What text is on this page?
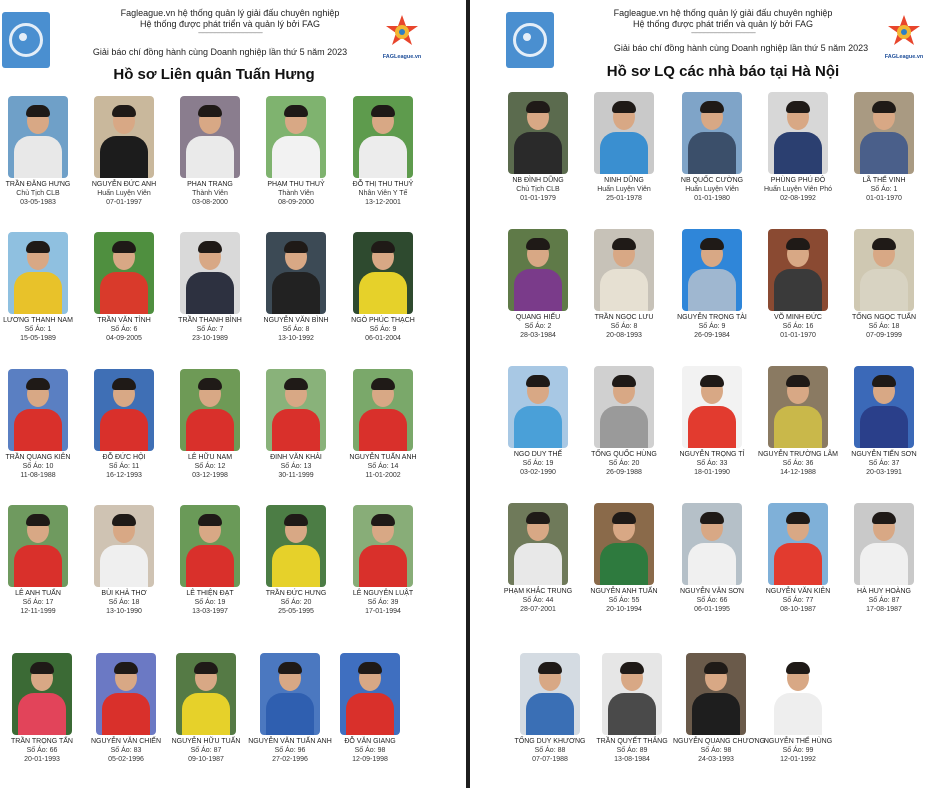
Fagleague.vn hệ thống quản lý giải đấu chuyên nghiệp
Hệ thống được phát triển và quản lý bởi FAG
------------------------------------------------
FAGLeague.vn
Giải báo chí đồng hành cùng Doanh nghiệp lần thứ 5 năm 2023
Hồ sơ Liên quân Tuấn Hưng
TRẦN ĐĂNG HƯNG
Chủ Tịch CLB
03-05-1983
NGUYỄN ĐỨC ANH
Huấn Luyện Viên
07-01-1997
PHAN TRANG
Thành Viên
03-08-2000
PHẠM THU THUỶ
Thành Viên
08-09-2000
ĐỖ THỊ THU THUỶ
Nhân Viên Y Tế
13-12-2001
LƯƠNG THANH NAM
Số Áo: 1
15-05-1989
TRẦN VĂN TÌNH
Số Áo: 6
04-09-2005
TRẦN THANH BÌNH
Số Áo: 7
23-10-1989
NGUYỄN VĂN BÌNH
Số Áo: 8
13-10-1992
NGÔ PHÚC THẠCH
Số Áo: 9
06-01-2004
TRẦN QUANG KIÊN
Số Áo: 10
11-08-1988
ĐỖ ĐỨC HỘI
Số Áo: 11
16-12-1993
LÊ HỮU NAM
Số Áo: 12
03-12-1998
ĐINH VĂN KHẢI
Số Áo: 13
30-11-1999
NGUYỄN TUẤN ANH
Số Áo: 14
11-01-2002
LÊ ANH TUẤN
Số Áo: 17
12-11-1999
BÙI KHẢ THƠ
Số Áo: 18
13-10-1990
LÊ THIỆN ĐẠT
Số Áo: 19
13-03-1997
TRẦN ĐỨC HƯNG
Số Áo: 20
25-05-1995
LÊ NGUYÊN LUẬT
Số Áo: 39
17-01-1994
TRẦN TRỌNG TẤN
Số Áo: 66
20-01-1993
NGUYỄN VĂN CHIẾN
Số Áo: 83
05-02-1996
NGUYỄN HỮU TUẤN
Số Áo: 87
09-10-1987
NGUYỄN VĂN TUẤN ANH
Số Áo: 96
27-02-1996
ĐỖ VĂN GIANG
Số Áo: 98
12-09-1998
Fagleague.vn hệ thống quản lý giải đấu chuyên nghiệp
Hệ thống được phát triển và quản lý bởi FAG
------------------------------------------------
FAGLeague.vn
Giải báo chí đồng hành cùng Doanh nghiệp lần thứ 5 năm 2023
Hồ sơ LQ các nhà báo tại Hà Nội
NB ĐÌNH DŨNG
Chủ Tịch CLB
01-01-1979
NINH DŨNG
Huấn Luyện Viên
25-01-1978
NB QUỐC CƯỜNG
Huấn Luyện Viên
01-01-1980
PHÙNG PHÚ ĐÔ
Huấn Luyện Viên Phó
02-08-1992
LÃ THẾ VINH
Số Áo: 1
01-01-1970
QUANG HIẾU
Số Áo: 2
28-03-1984
TRẦN NGỌC LƯU
Số Áo: 8
20-08-1993
NGUYỄN TRỌNG TÀI
Số Áo: 9
26-09-1984
VÕ MINH ĐỨC
Số Áo: 16
01-01-1970
TỐNG NGỌC TUẤN
Số Áo: 18
07-09-1999
NGO DUY THẾ
Số Áo: 19
03-02-1990
TỐNG QUỐC HÙNG
Số Áo: 20
26-09-1988
NGUYỄN TRỌNG TỈ
Số Áo: 33
18-01-1990
NGUYỄN TRƯỜNG LÂM
Số Áo: 36
14-12-1988
NGUYỄN TIẾN SƠN
Số Áo: 37
20-03-1991
PHẠM KHẮC TRUNG
Số Áo: 44
28-07-2001
NGUYỄN ANH TUẤN
Số Áo: 55
20-10-1994
NGUYỄN VĂN SƠN
Số Áo: 66
06-01-1995
NGUYỄN VĂN KIÊN
Số Áo: 77
08-10-1987
HÀ HUY HOÀNG
Số Áo: 87
17-08-1987
TỐNG DUY KHƯƠNG
Số Áo: 88
07-07-1988
TRẦN QUYẾT THẮNG
Số Áo: 89
13-08-1984
NGUYỄN QUANG CHƯƠNG
Số Áo: 98
24-03-1993
NGUYỄN THẾ HÙNG
Số Áo: 99
12-01-1992
